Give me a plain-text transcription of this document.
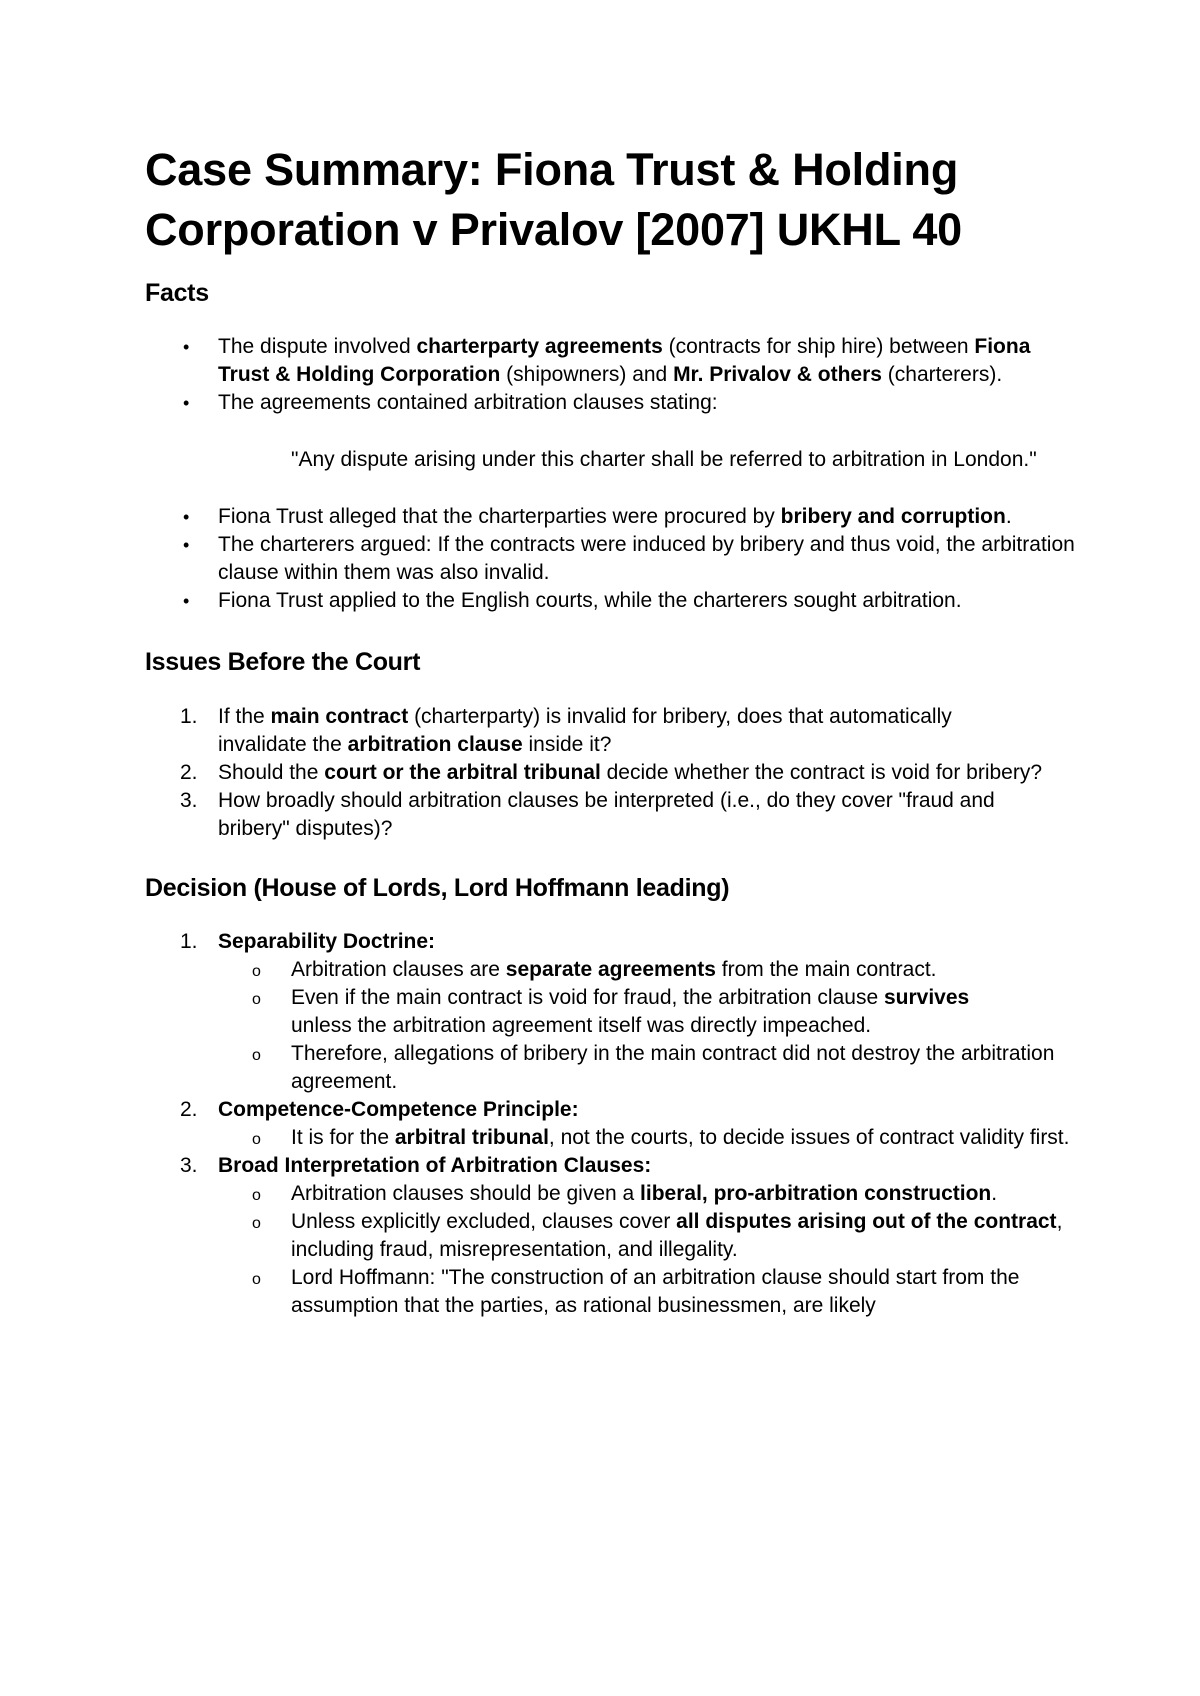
Case Summary: Fiona Trust & Holding Corporation v Privalov [2007] UKHL 40
Facts
• The dispute involved charterparty agreements (contracts for ship hire) between Fiona Trust & Holding Corporation (shipowners) and Mr. Privalov & others (charterers).
• The agreements contained arbitration clauses stating:
"Any dispute arising under this charter shall be referred to arbitration in London."
• Fiona Trust alleged that the charterparties were procured by bribery and corruption.
• The charterers argued: If the contracts were induced by bribery and thus void, the arbitration clause within them was also invalid.
• Fiona Trust applied to the English courts, while the charterers sought arbitration.
Issues Before the Court
1. If the main contract (charterparty) is invalid for bribery, does that automatically invalidate the arbitration clause inside it?
2. Should the court or the arbitral tribunal decide whether the contract is void for bribery?
3. How broadly should arbitration clauses be interpreted (i.e., do they cover "fraud and bribery" disputes)?
Decision (House of Lords, Lord Hoffmann leading)
1. Separability Doctrine:
o Arbitration clauses are separate agreements from the main contract.
o Even if the main contract is void for fraud, the arbitration clause survives unless the arbitration agreement itself was directly impeached.
o Therefore, allegations of bribery in the main contract did not destroy the arbitration agreement.
2. Competence-Competence Principle:
o It is for the arbitral tribunal, not the courts, to decide issues of contract validity first.
3. Broad Interpretation of Arbitration Clauses:
o Arbitration clauses should be given a liberal, pro-arbitration construction.
o Unless explicitly excluded, clauses cover all disputes arising out of the contract, including fraud, misrepresentation, and illegality.
o Lord Hoffmann: "The construction of an arbitration clause should start from the assumption that the parties, as rational businessmen, are likely
